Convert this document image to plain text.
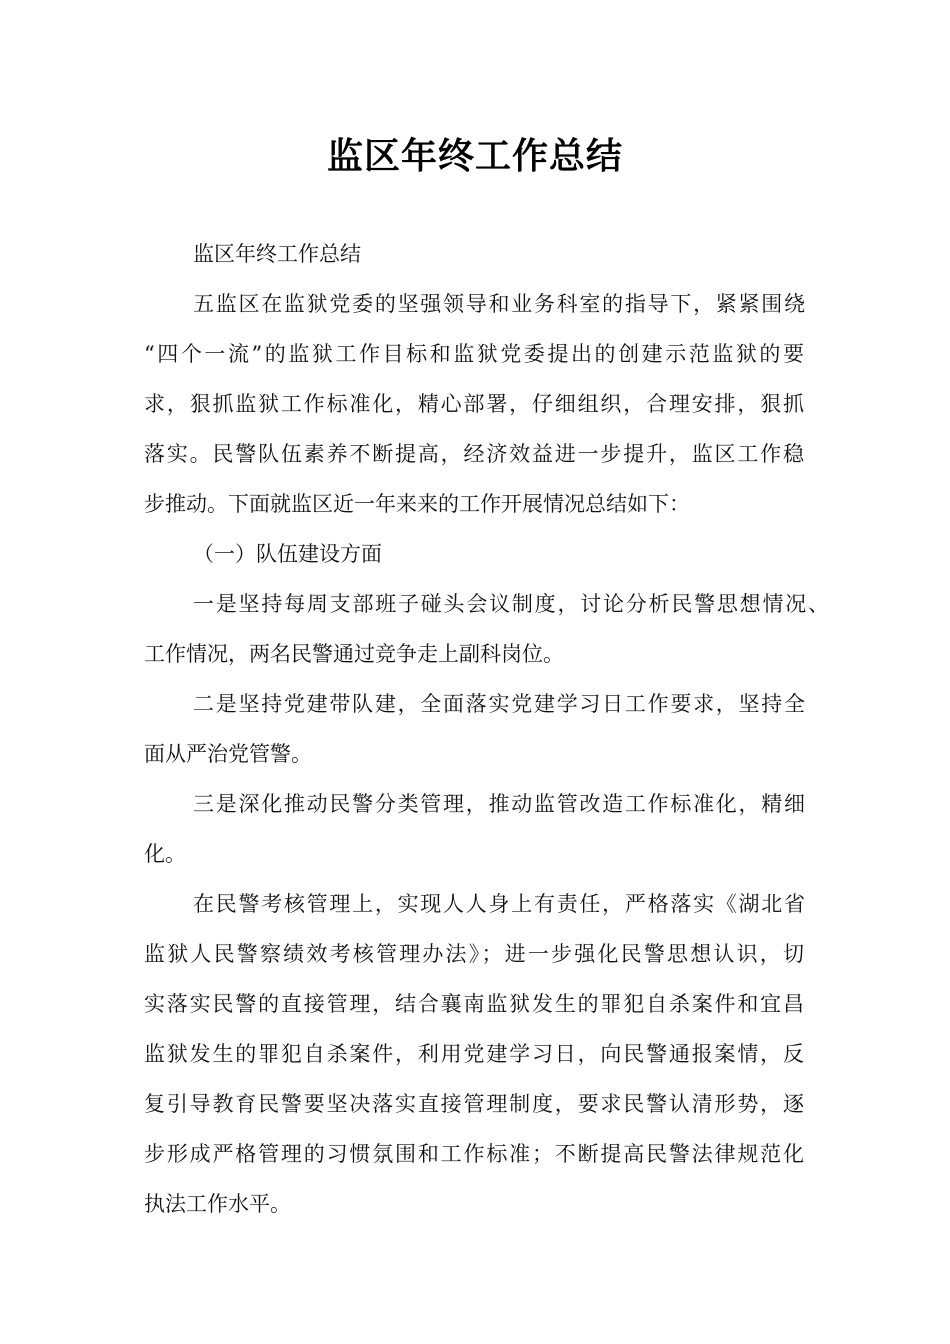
监区年终工作总结
监区年终工作总结
五监区在监狱党委的坚强领导和业务科室的指导下，紧紧围绕
“四个一流”的监狱工作目标和监狱党委提出的创建示范监狱的要
求，狠抓监狱工作标准化，精心部署，仔细组织，合理安排，狠抓
落实。民警队伍素养不断提高，经济效益进一步提升，监区工作稳
步推动。下面就监区近一年来来的工作开展情况总结如下：
（一）队伍建设方面
一是坚持每周支部班子碰头会议制度，讨论分析民警思想情况、
工作情况，两名民警通过竞争走上副科岗位。
二是坚持党建带队建，全面落实党建学习日工作要求，坚持全
面从严治党管警。
三是深化推动民警分类管理，推动监管改造工作标准化，精细
化。
在民警考核管理上，实现人人身上有责任，严格落实《湖北省
监狱人民警察绩效考核管理办法》；进一步强化民警思想认识，切
实落实民警的直接管理，结合襄南监狱发生的罪犯自杀案件和宜昌
监狱发生的罪犯自杀案件，利用党建学习日，向民警通报案情，反
复引导教育民警要坚决落实直接管理制度，要求民警认清形势，逐
步形成严格管理的习惯氛围和工作标准；不断提高民警法律规范化
执法工作水平。
